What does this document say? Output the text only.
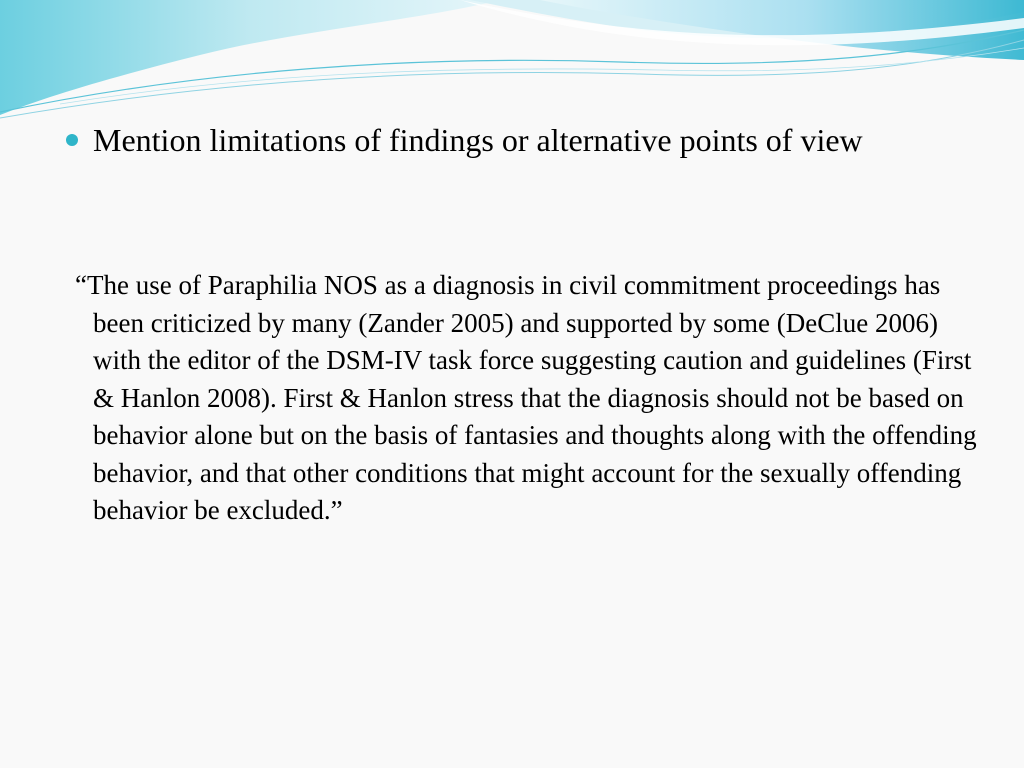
Mention limitations of findings or alternative points of view
“The use of Paraphilia NOS as a diagnosis in civil commitment proceedings has been criticized by many (Zander 2005) and supported by some (DeClue 2006) with the editor of the DSM-IV task force suggesting caution and guidelines (First & Hanlon 2008). First & Hanlon stress that the diagnosis should not be based on behavior alone but on the basis of fantasies and thoughts along with the offending behavior, and that other conditions that might account for the sexually offending behavior be excluded.”
